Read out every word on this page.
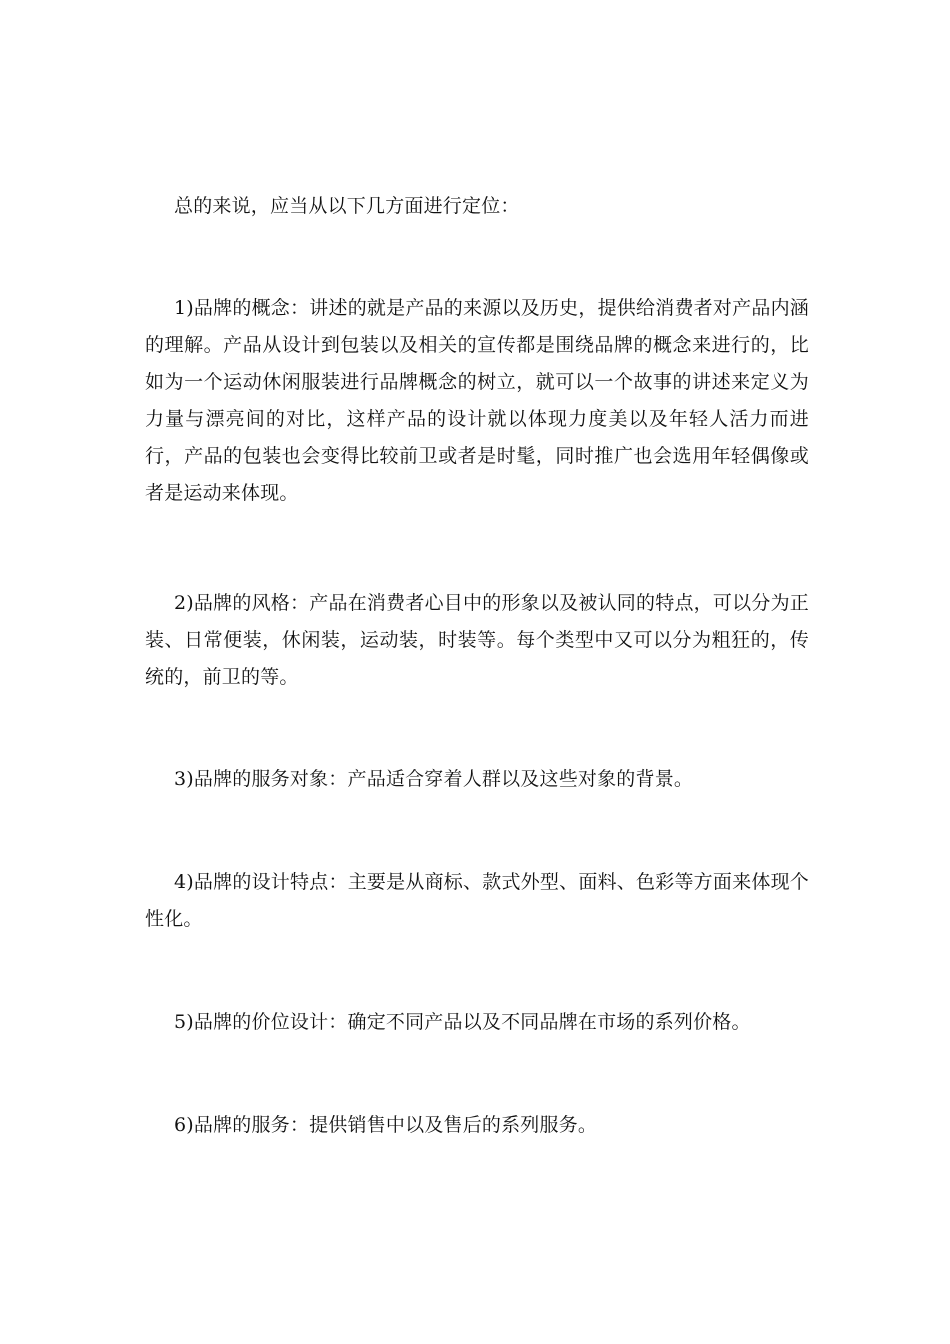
总的来说，应当从以下几方面进行定位：

1)品牌的概念：讲述的就是产品的来源以及历史，提供给消费者对产品内涵的理解。产品从设计到包装以及相关的宣传都是围绕品牌的概念来进行的，比如为一个运动休闲服装进行品牌概念的树立，就可以一个故事的讲述来定义为力量与漂亮间的对比，这样产品的设计就以体现力度美以及年轻人活力而进行，产品的包装也会变得比较前卫或者是时髦，同时推广也会选用年轻偶像或者是运动来体现。

2)品牌的风格：产品在消费者心目中的形象以及被认同的特点，可以分为正装、日常便装，休闲装，运动装，时装等。每个类型中又可以分为粗狂的，传统的，前卫的等。

3)品牌的服务对象：产品适合穿着人群以及这些对象的背景。

4)品牌的设计特点：主要是从商标、款式外型、面料、色彩等方面来体现个性化。

5)品牌的价位设计：确定不同产品以及不同品牌在市场的系列价格。

6)品牌的服务：提供销售中以及售后的系列服务。
